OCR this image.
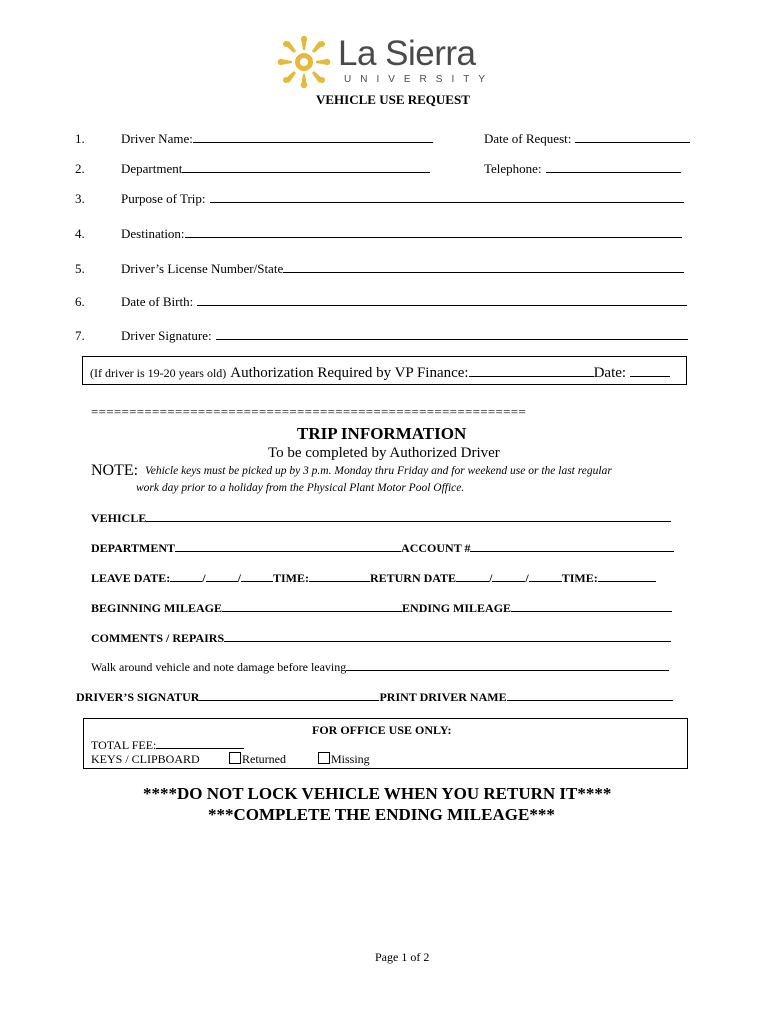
La Sierra
UNIVERSITY
VEHICLE USE REQUEST
1.	Driver Name:	Date of Request:
2.	Department	Telephone:
3.	Purpose of Trip:
4.	Destination:
5.	Driver’s License Number/State
6.	Date of Birth:
7.	Driver Signature:
(If driver is 19-20 years old) Authorization Required by VP Finance:	Date:
=========================================================
TRIP INFORMATION
To be completed by Authorized Driver
NOTE: Vehicle keys must be picked up by 3 p.m. Monday thru Friday and for weekend use or the last regular
work day prior to a holiday from the Physical Plant Motor Pool Office.
VEHICLE
DEPARTMENT	ACCOUNT #
LEAVE DATE:	/	/	TIME:	RETURN DATE	/	/	TIME:
BEGINNING MILEAGE	ENDING MILEAGE
COMMENTS / REPAIRS
Walk around vehicle and note damage before leaving
DRIVER’S SIGNATUR	PRINT DRIVER NAME
FOR OFFICE USE ONLY:
TOTAL FEE:
KEYS / CLIPBOARD	Returned	Missing
****DO NOT LOCK VEHICLE WHEN YOU RETURN IT****
***COMPLETE THE ENDING MILEAGE***
Page 1 of 2
